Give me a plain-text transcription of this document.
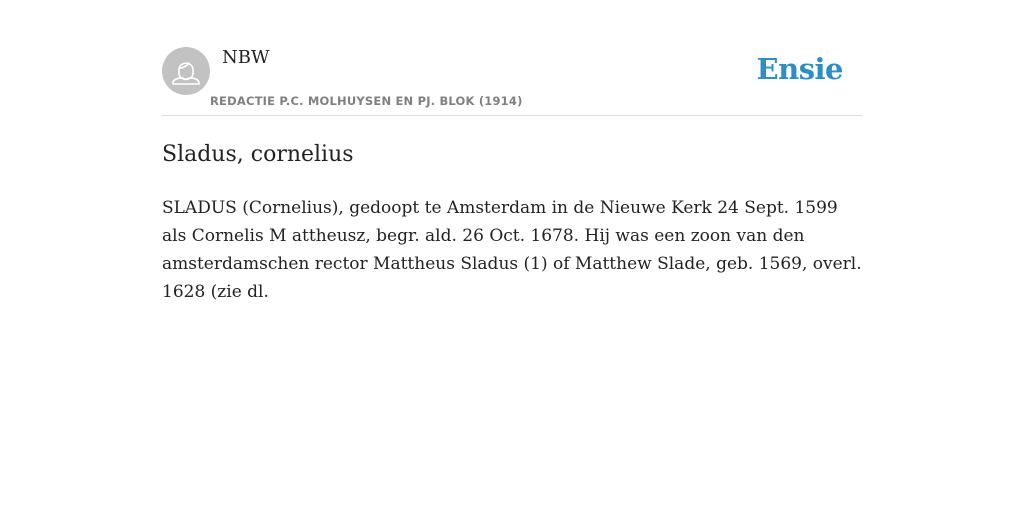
NBW
REDACTIE P.C. MOLHUYSEN EN PJ. BLOK (1914)
Ensie
Sladus, cornelius

SLADUS (Cornelius), gedoopt te Amsterdam in de Nieuwe Kerk 24 Sept. 1599 als Cornelis M attheusz, begr. ald. 26 Oct. 1678. Hij was een zoon van den amsterdamschen rector Mattheus Sladus (1) of Matthew Slade, geb. 1569, overl. 1628 (zie dl.
